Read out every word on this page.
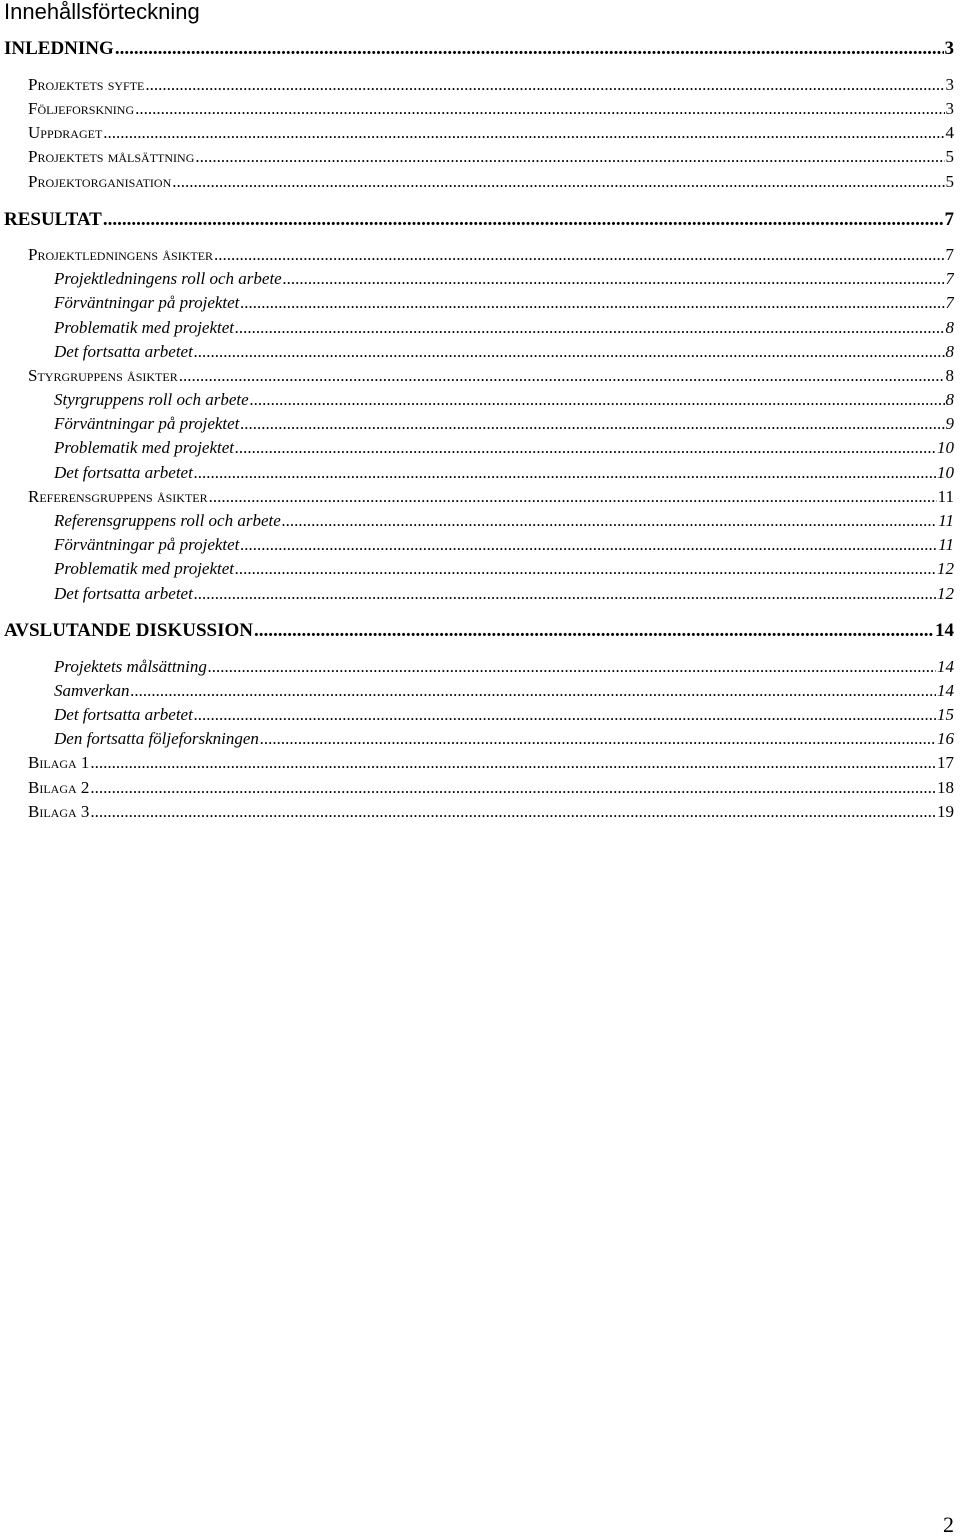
Innehållsförteckning
INLEDNING .....	3
Projektets syfte .....	3
Följeforskning .....	3
Uppdraget .....	4
Projektets målsättning .....	5
Projektorganisation .....	5
RESULTAT .....	7
Projektledningens åsikter .....	7
Projektledningens roll och arbete .....	7
Förväntningar på projektet .....	7
Problematik med projektet .....	8
Det fortsatta arbetet .....	8
Styrgruppens åsikter .....	8
Styrgruppens roll och arbete .....	8
Förväntningar på projektet .....	9
Problematik med projektet .....	10
Det fortsatta arbetet .....	10
Referensgruppens åsikter .....	11
Referensgruppens roll och arbete .....	11
Förväntningar på projektet .....	11
Problematik med projektet .....	12
Det fortsatta arbetet .....	12
AVSLUTANDE DISKUSSION .....	14
Projektets målsättning .....	14
Samverkan .....	14
Det fortsatta arbetet .....	15
Den fortsatta följeforskningen .....	16
Bilaga 1 .....	17
Bilaga 2 .....	18
Bilaga 3 .....	19
2
